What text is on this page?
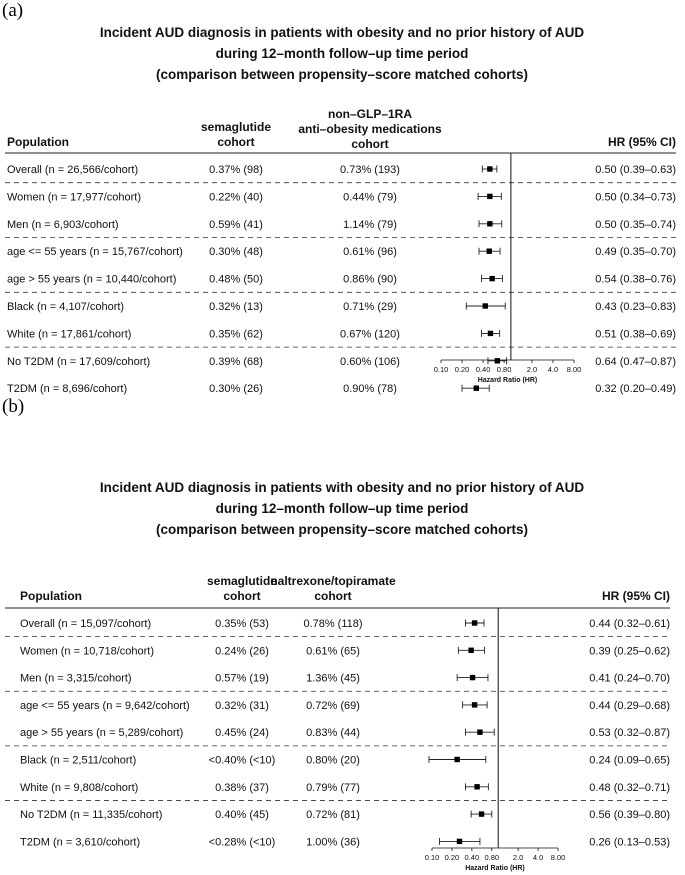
(a)
Incident AUD diagnosis in patients with obesity and no prior history of AUD
during 12–month follow–up time period
(comparison between propensity–score matched cohorts)
Population
semaglutide
cohort
non–GLP–1RA
anti–obesity medications
cohort	HR (95% CI)
Overall (n = 26,566/cohort)	0.37% (98)	0.73% (193)	0.50 (0.39–0.63)
Women (n = 17,977/cohort)	0.22% (40)	0.44% (79)	0.50 (0.34–0.73)
Men (n = 6,903/cohort)	0.59% (41)	1.14% (79)	0.50 (0.35–0.74)
age <= 55 years (n = 15,767/cohort) 0.30% (48)	0.61% (96)	0.49 (0.35–0.70)
age > 55 years (n = 10,440/cohort)	0.48% (50)	0.86% (90)	0.54 (0.38–0.76)
Black (n = 4,107/cohort)	0.32% (13)	0.71% (29)	0.43 (0.23–0.83)
White (n = 17,861/cohort)	0.35% (62)	0.67% (120)	0.51 (0.38–0.69)
No T2DM (n = 17,609/cohort)	0.39% (68)	0.60% (106)	0.64 (0.47–0.87)
T2DM (n = 8,696/cohort)	0.30% (26)	0.90% (78)	0.32 (0.20–0.49)
0.10 0.20 0.40 0.80 2.0 4.0 8.00
Hazard Ratio (HR)
(b)
Incident AUD diagnosis in patients with obesity and no prior history of AUD
during 12–month follow–up time period
(comparison between propensity–score matched cohorts)
Population
semaglutide
cohort
naltrexone/topiramate
cohort	HR (95% CI)
Overall (n = 15,097/cohort)	0.35% (53)	0.78% (118)	0.44 (0.32–0.61)
Women (n = 10,718/cohort)	0.24% (26)	0.61% (65)	0.39 (0.25–0.62)
Men (n = 3,315/cohort)	0.57% (19)	1.36% (45)	0.41 (0.24–0.70)
age <= 55 years (n = 9,642/cohort) 0.32% (31)	0.72% (69)	0.44 (0.29–0.68)
age > 55 years (n = 5,289/cohort)	0.45% (24)	0.83% (44)	0.53 (0.32–0.87)
Black (n = 2,511/cohort)	<0.40% (<10)	0.80% (20)	0.24 (0.09–0.65)
White (n = 9,808/cohort)	0.38% (37)	0.79% (77)	0.48 (0.32–0.71)
No T2DM (n = 11,335/cohort)	0.40% (45)	0.72% (81)	0.56 (0.39–0.80)
T2DM (n = 3,610/cohort)	<0.28% (<10)	1.00% (36)	0.26 (0.13–0.53)
0.10 0.20 0.40 0.80 2.0 4.0 8.00
Hazard Ratio (HR)
